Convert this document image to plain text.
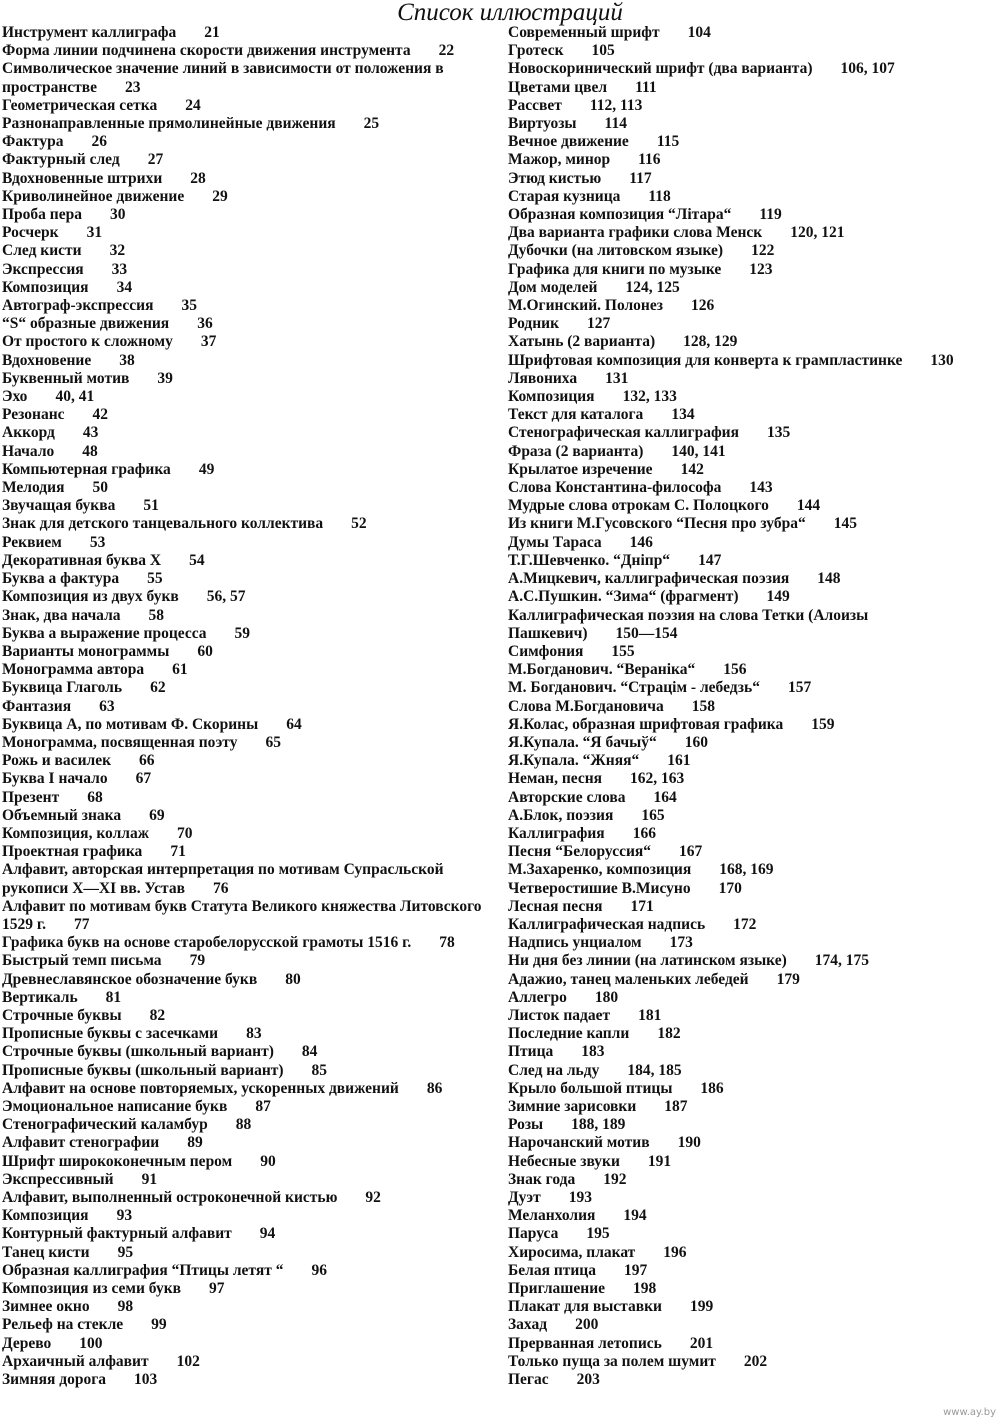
Список иллюстраций
Инструмент каллиграфа 21
Форма линии подчинена скорости движения инструмента 22
Символическое значение линий в зависимости от положения в пространстве 23
Геометрическая сетка 24
Разнонаправленные прямолинейные движения 25
Фактура 26
Фактурный след 27
Вдохновенные штрихи 28
Криволинейное движение 29
Проба пера 30
Росчерк 31
След кисти 32
Экспрессия 33
Композиция 34
Автограф-экспрессия 35
“S“ образные движения 36
От простого к сложному 37
Вдохновение 38
Буквенный мотив 39
Эхо 40, 41
Резонанс 42
Аккорд 43
Начало 48
Компьютерная графика 49
Мелодия 50
Звучащая буква 51
Знак для детского танцевального коллектива 52
Реквием 53
Декоративная буква Х 54
Буква а фактура 55
Композиция из двух букв 56, 57
Знак, два начала 58
Буква а выражение процесса 59
Варианты монограммы 60
Монограмма автора 61
Буквица Глаголь 62
Фантазия 63
Буквица А, по мотивам Ф. Скорины 64
Монограмма, посвященная поэту 65
Рожь и василек 66
Буква I начало 67
Презент 68
Объемный знака 69
Композиция, коллаж 70
Проектная графика 71
Алфавит, авторская интерпретация по мотивам Супрасльской рукописи X—XI вв. Устав 76
Алфавит по мотивам букв Статута Великого княжества Литовского 1529 г. 77
Графика букв на основе старобелорусской грамоты 1516 г. 78
Быстрый темп письма 79
Древнеславянское обозначение букв 80
Вертикаль 81
Строчные буквы 82
Прописные буквы с засечками 83
Строчные буквы (школьный вариант) 84
Прописные буквы (школьный вариант) 85
Алфавит на основе повторяемых, ускоренных движений 86
Эмоциональное написание букв 87
Стенографический каламбур 88
Алфавит стенографии 89
Шрифт ширококонечным пером 90
Экспрессивный 91
Алфавит, выполненный остроконечной кистью 92
Композиция 93
Контурный фактурный алфавит 94
Танец кисти 95
Образная каллиграфия “Птицы летят “ 96
Композиция из семи букв 97
Зимнее окно 98
Рельеф на стекле 99
Дерево 100
Архаичный алфавит 102
Зимняя дорога 103
Современный шрифт 104
Гротеск 105
Новоскоринический шрифт (два варианта) 106, 107
Цветами цвел 111
Рассвет 112, 113
Виртуозы 114
Вечное движение 115
Мажор, минор 116
Этюд кистью 117
Старая кузница 118
Образная композиция “Лiтара“ 119
Два варианта графики слова Менск 120, 121
Дубочки (на литовском языке) 122
Графика для книги по музыке 123
Дом моделей 124, 125
М.Огинский. Полонез 126
Родник 127
Хатынь (2 варианта) 128, 129
Шрифтовая композиция для конверта к грампластинке 130
Лявониха 131
Композиция 132, 133
Текст для каталога 134
Стенографическая каллиграфия 135
Фраза (2 варианта) 140, 141
Крылатое изречение 142
Слова Константина-философа 143
Мудрые слова отрокам С. Полоцкого 144
Из книги М.Гусовского “Песня про зубра“ 145
Думы Тараса 146
Т.Г.Шевченко. “Днiпр“ 147
А.Мицкевич, каллиграфическая поэзия 148
А.С.Пушкин. “Зима“ (фрагмент) 149
Каллиграфическая поэзия на слова Тетки (Алоизы Пашкевич) 150—154
Симфония 155
М.Богданович. “Веранiка“ 156
М. Богданович. “Страцiм - лебедзь“ 157
Слова М.Богдановича 158
Я.Колас, образная шрифтовая графика 159
Я.Купала. “Я бачыў“ 160
Я.Купала. “Жняя“ 161
Неман, песня 162, 163
Авторские слова 164
А.Блок, поэзия 165
Каллиграфия 166
Песня “Белоруссия“ 167
М.Захаренко, композиция 168, 169
Четверостишие В.Мисуно 170
Лесная песня 171
Каллиграфическая надпись 172
Надпись унциалом 173
Ни дня без линии (на латинском языке) 174, 175
Адажио, танец маленьких лебедей 179
Аллегро 180
Листок падает 181
Последние капли 182
Птица 183
След на льду 184, 185
Крыло большой птицы 186
Зимние зарисовки 187
Розы 188, 189
Нарочанский мотив 190
Небесные звуки 191
Знак года 192
Дуэт 193
Меланхолия 194
Паруса 195
Хиросима, плакат 196
Белая птица 197
Приглашение 198
Плакат для выставки 199
Захад 200
Прерванная летопись 201
Только пуща за полем шумит 202
Пегас 203
www.ay.by
